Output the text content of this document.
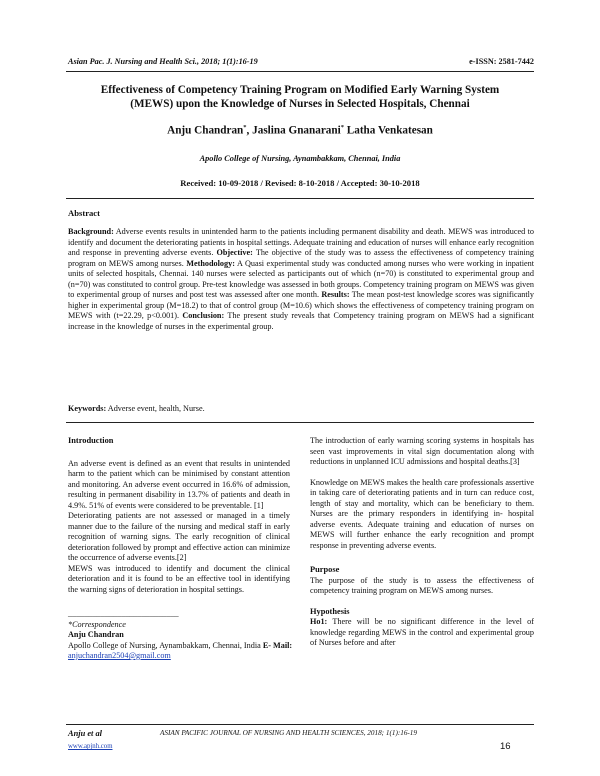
Asian Pac. J. Nursing and Health Sci., 2018; 1(1):16-19	e-ISSN: 2581-7442
Effectiveness of Competency Training Program on Modified Early Warning System
(MEWS) upon the Knowledge of Nurses in Selected Hospitals, Chennai
Anju Chandran*, Jaslina Gnanarani* Latha Venkatesan
Apollo College of Nursing, Aynambakkam, Chennai, India
Received: 10-09-2018 / Revised: 8-10-2018 / Accepted: 30-10-2018
Abstract
Background: Adverse events results in unintended harm to the patients including permanent disability and death. MEWS was introduced to identify and document the deteriorating patients in hospital settings. Adequate training and education of nurses will enhance early recognition and response in preventing adverse events. Objective: The objective of the study was to assess the effectiveness of competency training program on MEWS among nurses. Methodology: A Quasi experimental study was conducted among nurses who were working in inpatient units of selected hospitals, Chennai. 140 nurses were selected as participants out of which (n=70) is constituted to experimental group and (n=70) was constituted to control group. Pre-test knowledge was assessed in both groups. Competency training program on MEWS was given to experimental group of nurses and post test was assessed after one month. Results: The mean post-test knowledge scores was significantly higher in experimental group (M=18.2) to that of control group (M=10.6) which shows the effectiveness of competency training program on MEWS with (t=22.29, p<0.001). Conclusion: The present study reveals that Competency training program on MEWS had a significant increase in the knowledge of nurses in the experimental group.
Keywords: Adverse event, health, Nurse.
Introduction

An adverse event is defined as an event that results in unintended harm to the patient which can be minimised by constant attention and monitoring. An adverse event occurred in 16.6% of admission, resulting in permanent disability in 13.7% of patients and death in 4.9%. 51% of events were considered to be preventable. [1]

Deteriorating patients are not assessed or managed in a timely manner due to the failure of the nursing and medical staff in early recognition of warning signs. The early recognition of clinical deterioration followed by prompt and effective action can minimize the occurrence of adverse events.[2]

MEWS was introduced to identify and document the clinical deterioration and it is found to be an effective tool in identifying the warning signs of deterioration in hospital settings.

___________________________
*Correspondence
Anju Chandran
Apollo College of Nursing, Aynambakkam, Chennai, India E- Mail: anjuchandran2504@gmail.com

The introduction of early warning scoring systems in hospitals has seen vast improvements in vital sign documentation along with reductions in unplanned ICU admissions and hospital deaths.[3]

Knowledge on MEWS makes the health care professionals assertive in taking care of deteriorating patients and in turn can reduce cost, length of stay and mortality, which can be beneficiary to them. Nurses are the primary responders in identifying in- hospital adverse events. Adequate training and education of nurses on MEWS will further enhance the early recognition and prompt response in preventing adverse events.

Purpose

The purpose of the study is to assess the effectiveness of competency training program on MEWS among nurses.

Hypothesis

Ho1: There will be no significant difference in the level of knowledge regarding MEWS in the control and experimental group of Nurses before and after

Anju et al	ASIAN PACIFIC JOURNAL OF NURSING AND HEALTH SCIENCES, 2018; 1(1):16-19
www.apjnh.com	16
